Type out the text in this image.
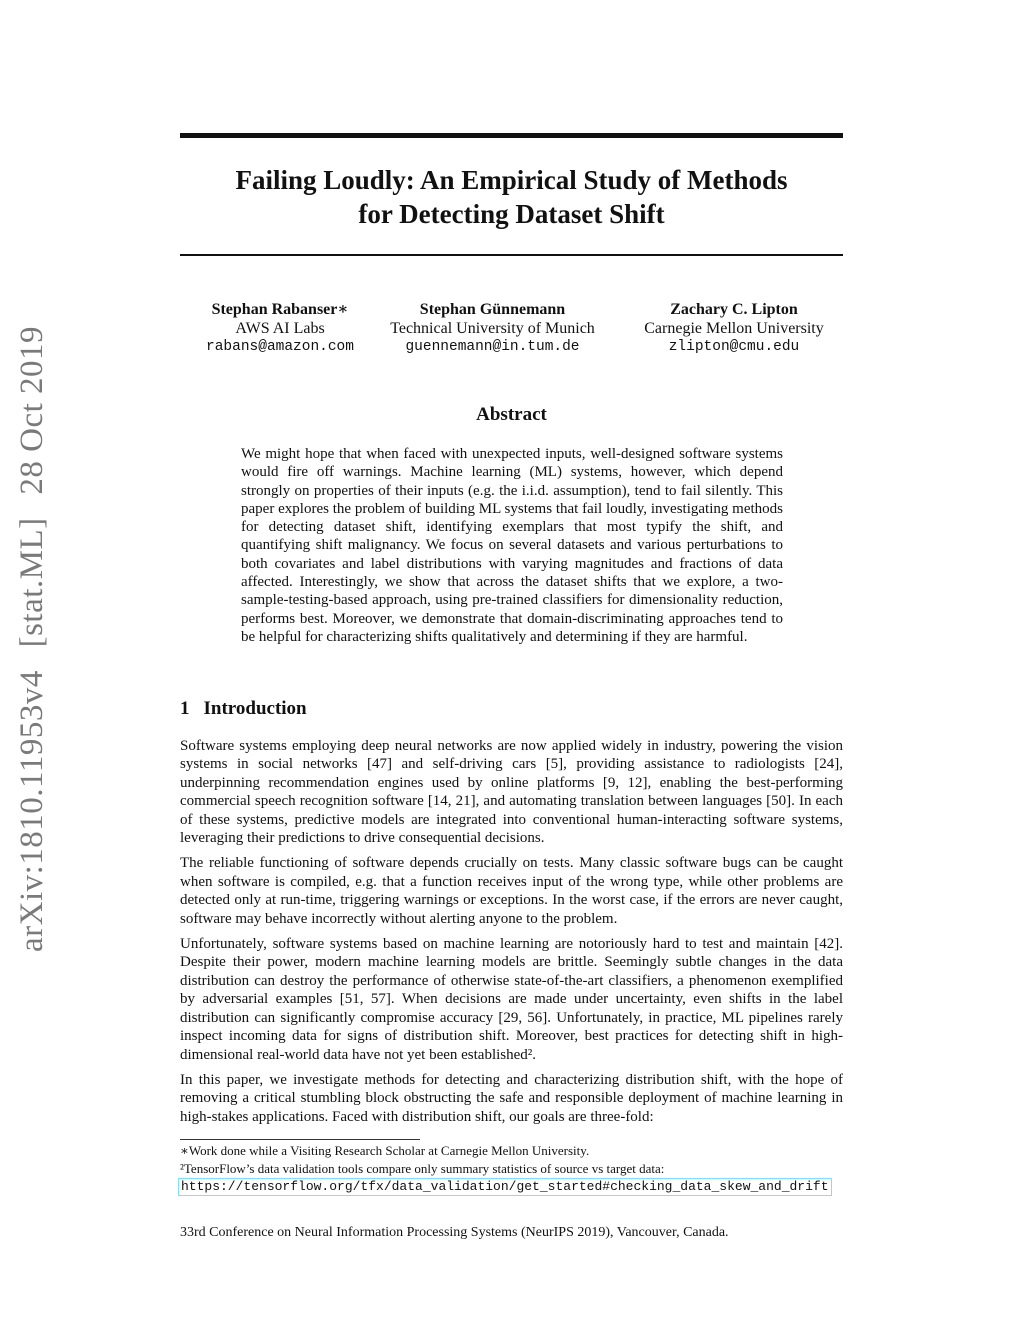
arXiv:1810.11953v4 [stat.ML] 28 Oct 2019
Failing Loudly: An Empirical Study of Methods
for Detecting Dataset Shift
Stephan Rabanser∗
AWS AI Labs
rabans@amazon.com
Stephan Günnemann
Technical University of Munich
guennemann@in.tum.de
Zachary C. Lipton
Carnegie Mellon University
zlipton@cmu.edu
Abstract
We might hope that when faced with unexpected inputs, well-designed software systems would fire off warnings. Machine learning (ML) systems, however, which depend strongly on properties of their inputs (e.g. the i.i.d. assumption), tend to fail silently. This paper explores the problem of building ML systems that fail loudly, investigating methods for detecting dataset shift, identifying exemplars that most typify the shift, and quantifying shift malignancy. We focus on several datasets and various perturbations to both covariates and label distributions with varying magnitudes and fractions of data affected. Interestingly, we show that across the dataset shifts that we explore, a two-sample-testing-based approach, using pre-trained classifiers for dimensionality reduction, performs best. Moreover, we demonstrate that domain-discriminating approaches tend to be helpful for characterizing shifts qualitatively and determining if they are harmful.
1 Introduction

Software systems employing deep neural networks are now applied widely in industry, powering the vision systems in social networks [47] and self-driving cars [5], providing assistance to radiologists [24], underpinning recommendation engines used by online platforms [9, 12], enabling the best-performing commercial speech recognition software [14, 21], and automating translation between languages [50]. In each of these systems, predictive models are integrated into conventional human-interacting software systems, leveraging their predictions to drive consequential decisions.

The reliable functioning of software depends crucially on tests. Many classic software bugs can be caught when software is compiled, e.g. that a function receives input of the wrong type, while other problems are detected only at run-time, triggering warnings or exceptions. In the worst case, if the errors are never caught, software may behave incorrectly without alerting anyone to the problem.

Unfortunately, software systems based on machine learning are notoriously hard to test and maintain [42]. Despite their power, modern machine learning models are brittle. Seemingly subtle changes in the data distribution can destroy the performance of otherwise state-of-the-art classifiers, a phenomenon exemplified by adversarial examples [51, 57]. When decisions are made under uncertainty, even shifts in the label distribution can significantly compromise accuracy [29, 56]. Unfortunately, in practice, ML pipelines rarely inspect incoming data for signs of distribution shift. Moreover, best practices for detecting shift in high-dimensional real-world data have not yet been established².

In this paper, we investigate methods for detecting and characterizing distribution shift, with the hope of removing a critical stumbling block obstructing the safe and responsible deployment of machine learning in high-stakes applications. Faced with distribution shift, our goals are three-fold:

∗Work done while a Visiting Research Scholar at Carnegie Mellon University.
²TensorFlow’s data validation tools compare only summary statistics of source vs target data:
https://tensorflow.org/tfx/data_validation/get_started#checking_data_skew_and_drift
33rd Conference on Neural Information Processing Systems (NeurIPS 2019), Vancouver, Canada.
